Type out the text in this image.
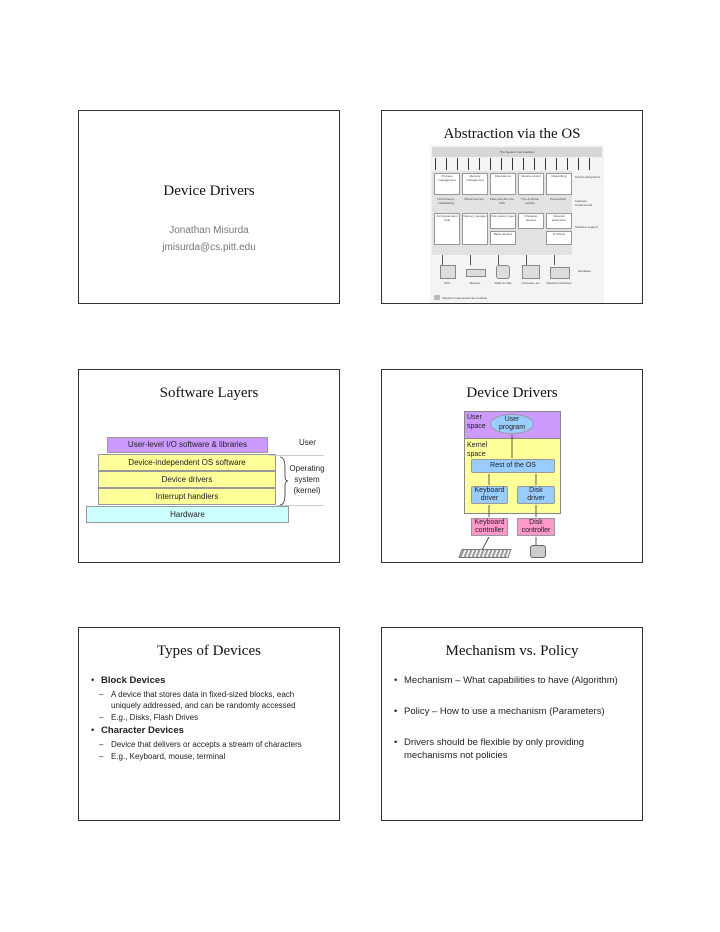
Device Drivers
Jonathan Misurda
jmisurda@cs.pitt.edu
Abstraction via the OS
The System Call Interface
Process management
Memory management
Filesystems	Device control	Networking	Kernel subsystems
Concurrency, multitasking
Virtual memory	Files and dirs: the VFS
Ttys & device access
Connectivity	Features implemented
Arch-dependent code
Memory manager	File system types	Character devices
Network subsystem
Block devices	IF drivers
Software support
CPU	Memory	Disks & CDs	Consoles, etc.	Network interfaces
Hardware
features implemented as modules
Software Layers
User-level I/O software & libraries
Device-independent OS software
Device drivers
Interrupt handlers
Hardware
User
Operating
system
(kernel)
Device Drivers
User
space
User
program
Kernel
space
Rest of the OS
Keyboard
driver
Disk
driver
Keyboard
controller
Disk
controller
Types of Devices
• Block Devices
– A device that stores data in fixed-sized blocks, each uniquely addressed, and can be randomly accessed
– E.g., Disks, Flash Drives
• Character Devices
– Device that delivers or accepts a stream of characters
– E.g., Keyboard, mouse, terminal
Mechanism vs. Policy
• Mechanism – What capabilities to have (Algorithm)
• Policy – How to use a mechanism (Parameters)
• Drivers should be flexible by only providing mechanisms not policies
